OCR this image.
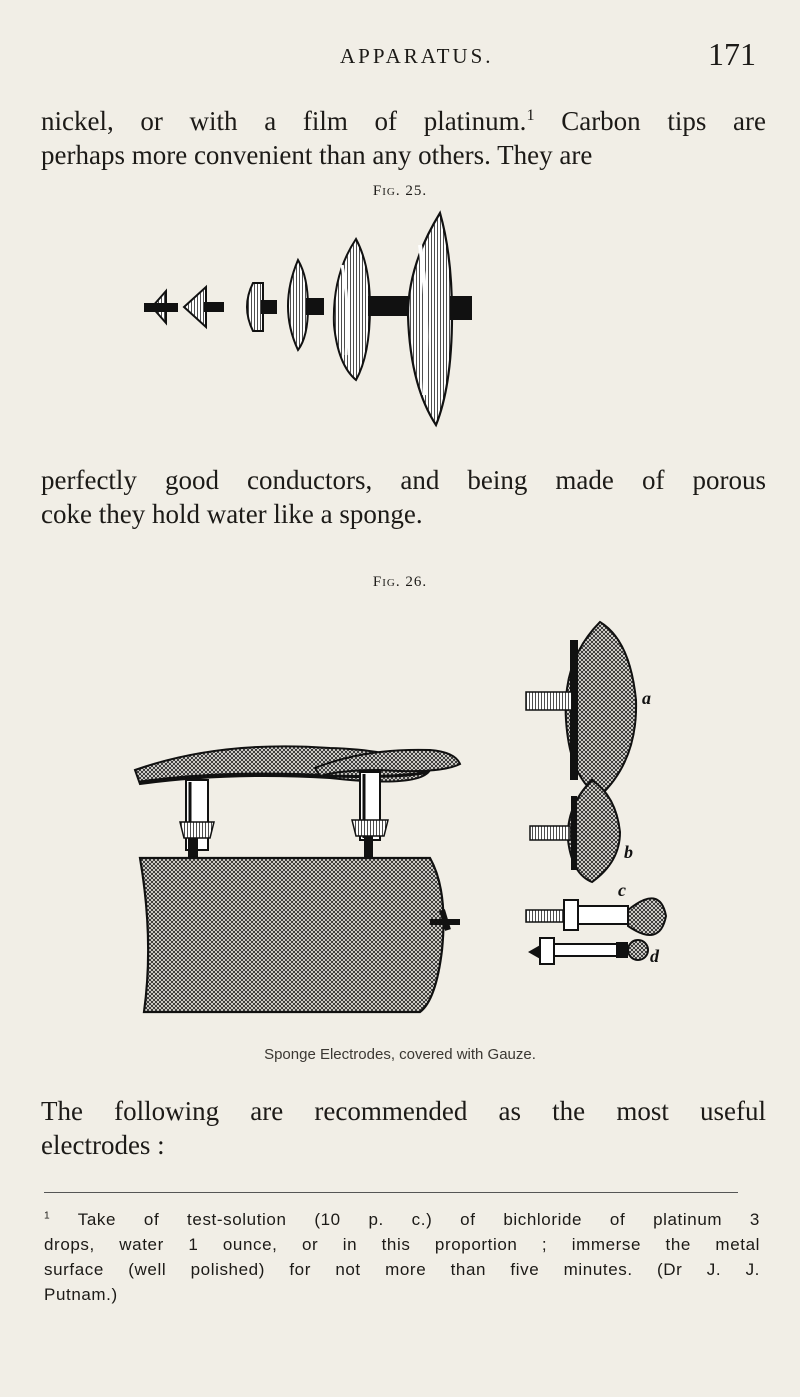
APPARATUS.	171
nickel, or with a film of platinum.$^1$ Carbon tips are
perhaps more convenient than any others. They are
Fig. 25.
perfectly good conductors, and being made of porous
coke they hold water like a sponge.
Fig. 26.
a
b
c
d
Sponge Electrodes, covered with Gauze.
The following are recommended as the most useful
electrodes :
$^1$ Take of test-solution (10 p. c.) of bichloride of platinum 3
drops, water 1 ounce, or in this proportion ; immerse the metal
surface (well polished) for not more than five minutes. (Dr J. J.
Putnam.)
